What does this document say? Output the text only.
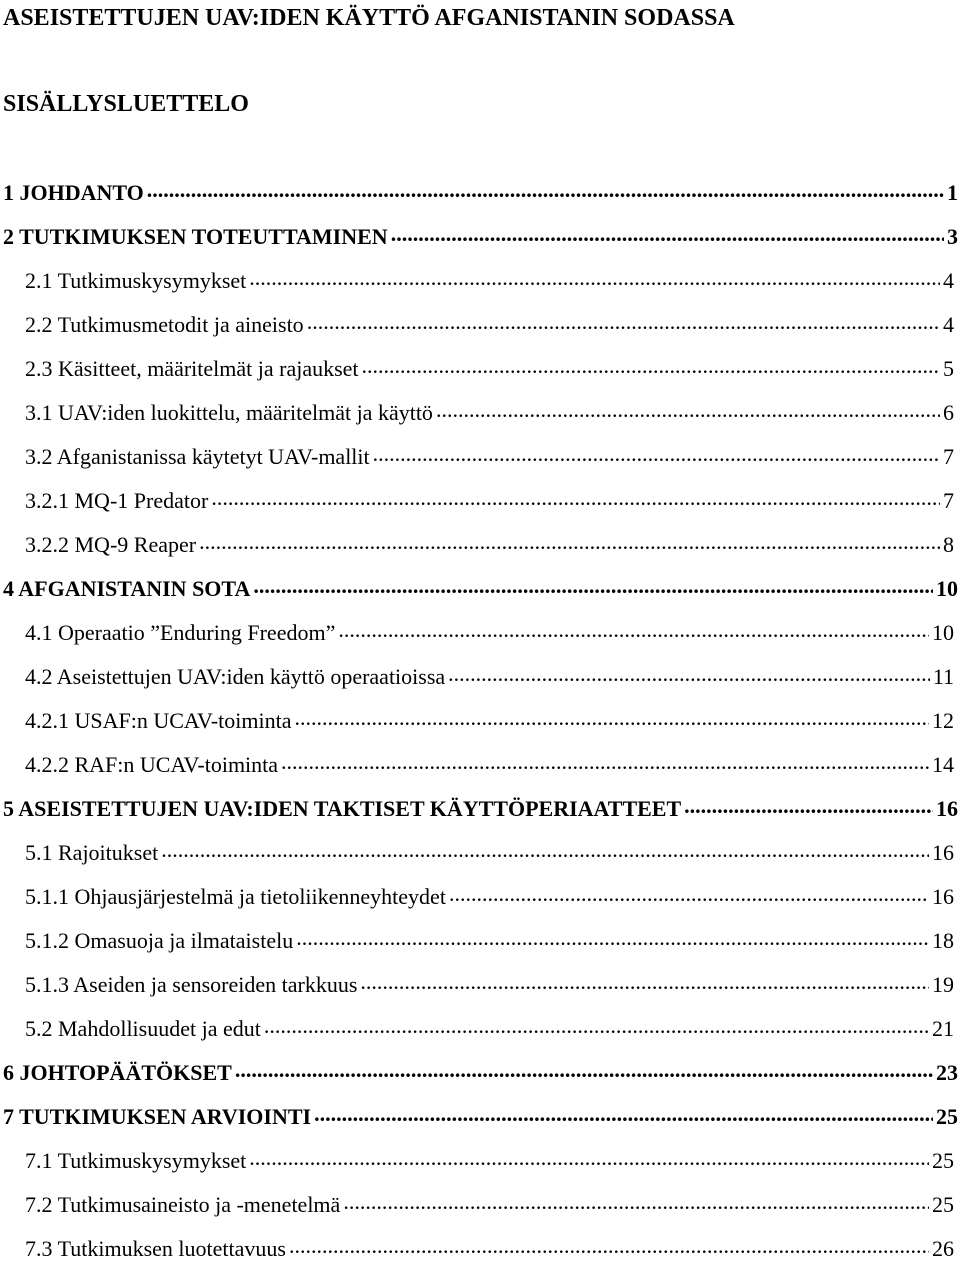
ASEISTETTUJEN UAV:IDEN KÄYTTÖ AFGANISTANIN SODASSA
SISÄLLYSLUETTELO
1 JOHDANTO .....	1
2 TUTKIMUKSEN TOTEUTTAMINEN .....	3
2.1 Tutkimuskysymykset .....	4
2.2 Tutkimusmetodit ja aineisto .....	4
2.3 Käsitteet, määritelmät ja rajaukset .....	5
3.1 UAV:iden luokittelu, määritelmät ja käyttö .....	6
3.2 Afganistanissa käytetyt UAV-mallit .....	7
3.2.1 MQ-1 Predator .....	7
3.2.2 MQ-9 Reaper .....	8
4 AFGANISTANIN SOTA .....	10
4.1 Operaatio ”Enduring Freedom” .....	10
4.2 Aseistettujen UAV:iden käyttö operaatioissa .....	11
4.2.1 USAF:n UCAV-toiminta .....	12
4.2.2 RAF:n UCAV-toiminta .....	14
5 ASEISTETTUJEN UAV:IDEN TAKTISET KÄYTTÖPERIAATTEET .....	16
5.1 Rajoitukset .....	16
5.1.1 Ohjausjärjestelmä ja tietoliikenneyhteydet .....	16
5.1.2 Omasuoja ja ilmataistelu .....	18
5.1.3 Aseiden ja sensoreiden tarkkuus .....	19
5.2 Mahdollisuudet ja edut .....	21
6 JOHTOPÄÄTÖKSET .....	23
7 TUTKIMUKSEN ARVIOINTI .....	25
7.1 Tutkimuskysymykset .....	25
7.2 Tutkimusaineisto ja -menetelmä .....	25
7.3 Tutkimuksen luotettavuus .....	26
